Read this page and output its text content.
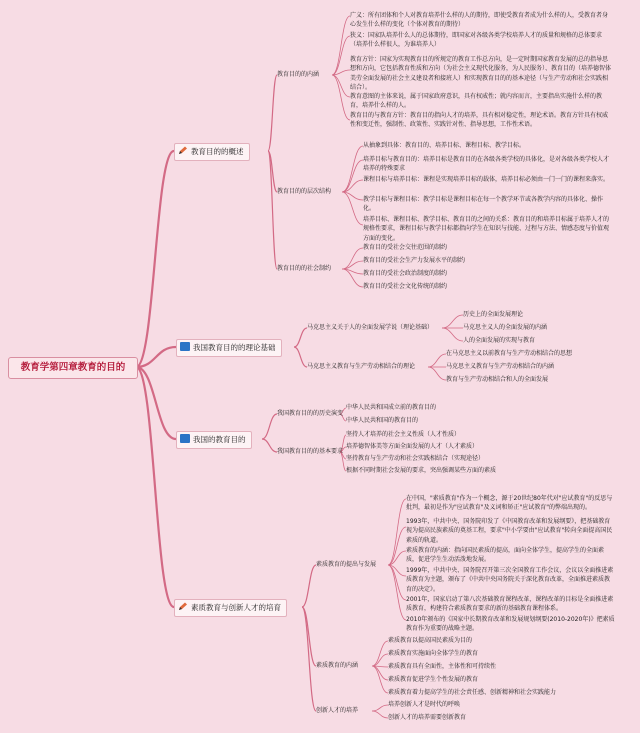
教育学第四章教育的目的
教育目的的概述
教育目的的内涵
广义：所有团体和个人对教育培养什么样的人的期待，即使受教育者成为什么样的人，受教育者身心发生什么样的变化（个体对教育的期待）
狭义：国家队培养什么人的总体期待，即国家对各级各类学校培养人才的质量和规格的总体要求（培养什么样很人，为谁培养人）
教育方针：国家为实现教育目的所规定的教育工作总方向，是一定时期国家教育发展的总的指导思想和方向，它包括教育性质和方向（为社会主义现代化服务，为人民服务）、教育目的（培养德智体美劳全面发展的社会主义建设者和接班人）和实现教育目的的基本途径（与生产劳动和社会实践相结合）。
教育意图的主体来说，属于国家政府意识，具有权威性；就内容而言，主要指出实施什么样的教育，培养什么样的人。
教育目的与教育方针：教育目的指向人才的培养，具有相对稳定性，理论术语。教育方针具有权威性和变迁性，强制性、政策性、实践针对性、指导思想，工作性术语。
教育目的的层次结构
从抽象到具体：教育目的、培养目标、课程目标、教学目标。
培养目标与教育目的：培养目标是教育目的在各级各类学校的具体化，是对各级各类学校人才培养的特殊要求
课程目标与培养目标：课程是实现培养目标的载体，培养目标必须由一门一门的课程来落实。
教学目标与课程目标：教学目标是课程目标在每一个教学环节或各教学内容的具体化、操作化。
培养目标、课程目标、教学目标、教育目的之间的关系：教育目的和培养目标属于培养人才的规格性要求，课程目标与教学目标都指向学生在知识与技能、过程与方法、情感态度与价值观方面的变化。
教育目的的社会制约
教育目的受社会交往范围的制约
教育目的受社会生产力发展水平的制约
教育目的受社会政治制度的制约
教育目的受社会文化传统的制约
我国教育目的的理论基础
马克思主义关于人的全面发展学说（理论基础）
历史上的全面发展理论
马克思主义人的全面发展的内涵
人的全面发展的实现与教育
马克思主义教育与生产劳动相结合的理论
在马克思主义以前教育与生产劳动相结合的思想
马克思主义教育与生产劳动相结合的内涵
教育与生产劳动相结合和人的全面发展
我国的教育目的
我国教育目的的历史演变
中华人民共和国成立前的教育目的
中华人民共和国的教育目的
我国教育目的的基本要求
坚持人才培养的社会主义性质（人才性质）
培养德智体美等方面全面发展的人才（人才素质）
坚持教育与生产劳动和社会实践相结合（实现途径）
根据不同时期社会发展的要求，突出强调某些方面的素质
素质教育与创新人才的培育
素质教育的提出与发展
在中国，"素质教育"作为一个概念，源于20世纪80年代对"应试教育"的反思与批判，最初是作为"应试教育"及义词和矫正"应试教育"的弊端出现的。
1993年，中共中央、国务院印发了《中国教育改革和发展纲要》，把基础教育视为提高民族素质的奠基工程，要求"中小学要由"应试教育"转向全面提高国民素质的轨道。
素质教育的内涵：指向国民素质的提高，面向全体学生，提高学生的全面素质，促进学生生动活泼地发展。
1999年，中共中央、国务院召开第三次全国教育工作会议，会议以全面推进素质教育为主题，颁布了《中共中央国务院关于深化教育改革，全面推进素质教育的决定》。
2001年，国家启动了第八次基础教育课程改革，课程改革的目标是全面推进素质教育，构建符合素质教育要求的新的基础教育课程体系。
2010年颁布的《国家中长期教育改革和发展规划纲要(2010-2020年)》把素质教育作为重要的战略主题。
素质教育的内涵
素质教育以提高国民素质为目的
素质教育实施面向全体学生的教育
素质教育具有全面性，主体性和可持续性
素质教育促进学生个性发展的教育
素质教育着力提高学生的社会责任感、创新精神和社会实践能力
创新人才的培养
培养创新人才是时代的呼唤
创新人才的培养需要创新教育
